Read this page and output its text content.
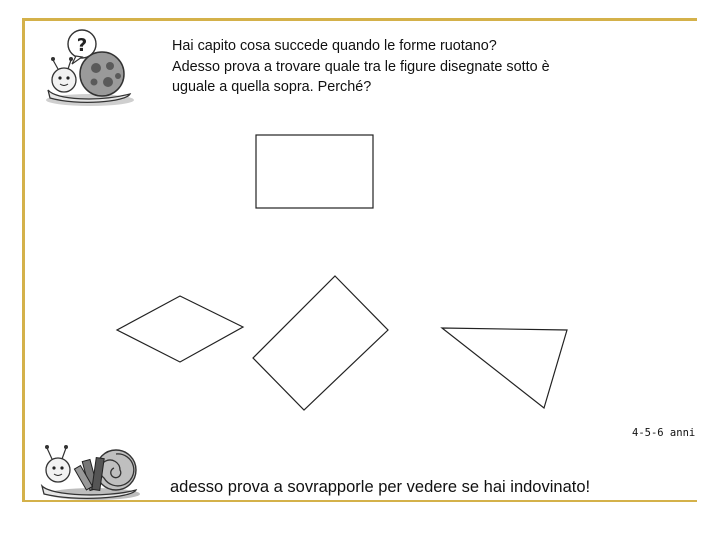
?	Hai capito cosa succede quando le forme ruotano?
Adesso prova a trovare quale tra le figure disegnate sotto è
uguale a quella sopra. Perché?
4-5-6 anni
adesso prova a sovrapporle per vedere se hai indovinato!
